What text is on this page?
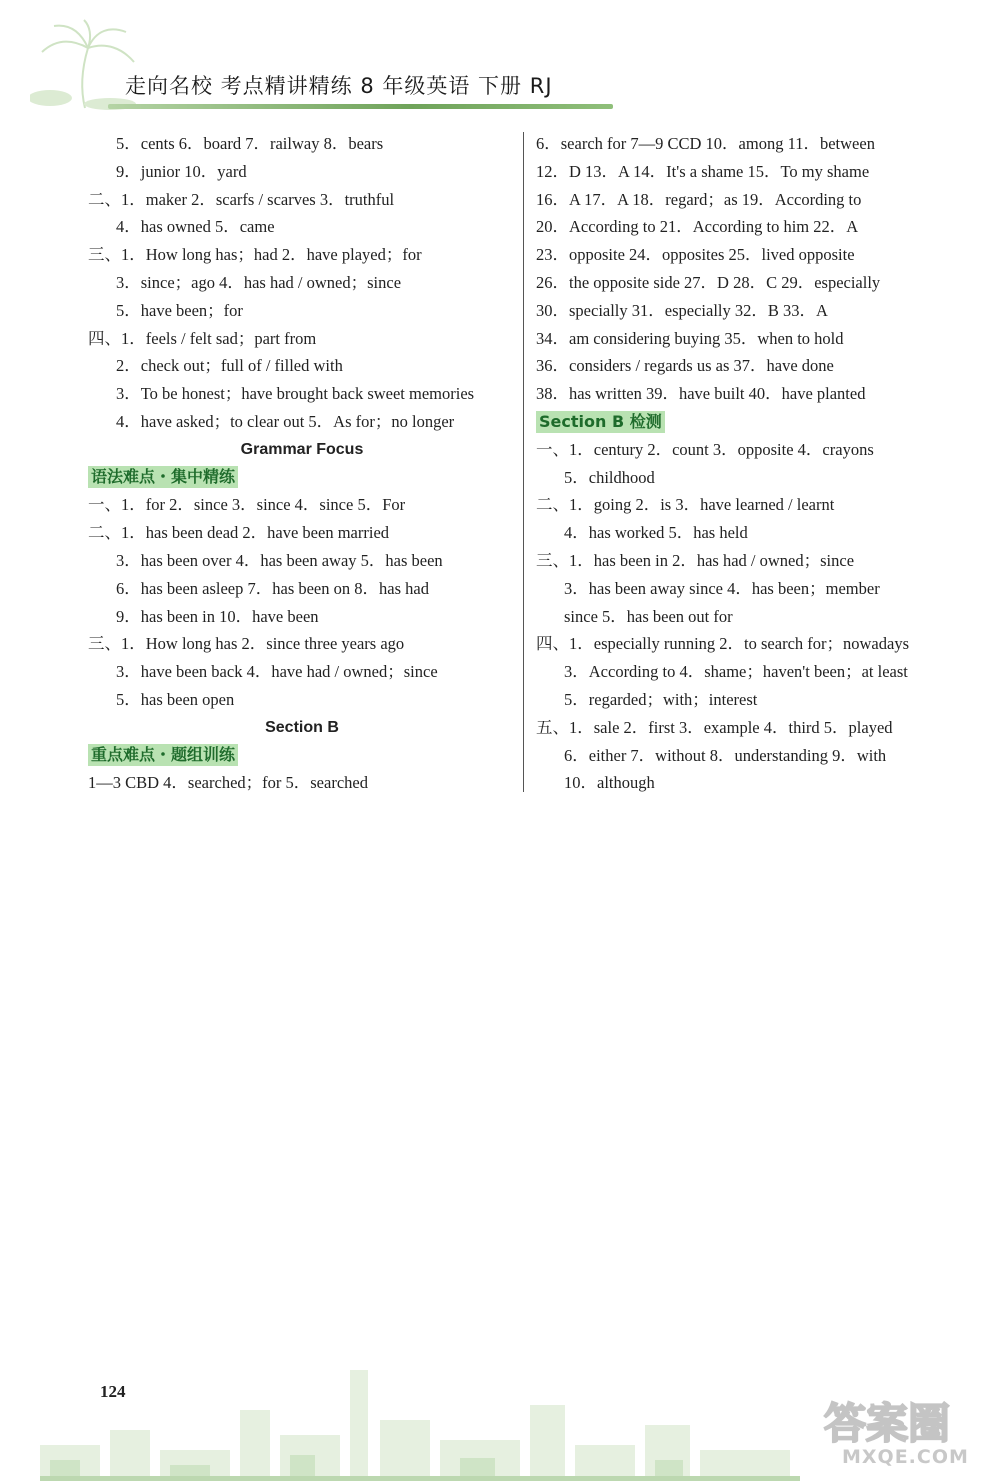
走向名校 考点精讲精练 8 年级英语 下册 RJ
5．cents 6．board 7．railway 8．bears
9．junior 10．yard
二、1．maker 2．scarfs / scarves 3．truthful
4．has owned 5．came
三、1．How long has；had 2．have played；for
3．since；ago 4．has had / owned；since
5．have been；for
四、1．feels / felt sad；part from
2．check out；full of / filled with
3．To be honest；have brought back sweet memories
4．have asked；to clear out 5．As for；no longer
Grammar Focus
语法难点・集中精练
一、1．for 2．since 3．since 4．since 5．For
二、1．has been dead 2．have been married
3．has been over 4．has been away 5．has been
6．has been asleep 7．has been on 8．has had
9．has been in 10．have been
三、1．How long has 2．since three years ago
3．have been back 4．have had / owned；since
5．has been open
Section B
重点难点・题组训练
1—3 CBD 4．searched；for 5．searched
6．search for 7—9 CCD 10．among 11．between
12．D 13．A 14．It's a shame 15．To my shame
16．A 17．A 18．regard；as 19．According to
20．According to 21．According to him 22．A
23．opposite 24．opposites 25．lived opposite
26．the opposite side 27．D 28．C 29．especially
30．specially 31．especially 32．B 33．A
34．am considering buying 35．when to hold
36．considers / regards us as 37．have done
38．has written 39．have built 40．have planted
Section B 检测
一、1．century 2．count 3．opposite 4．crayons
5．childhood
二、1．going 2．is 3．have learned / learnt
4．has worked 5．has held
三、1．has been in 2．has had / owned；since
3．has been away since 4．has been；member
since 5．has been out for
四、1．especially running 2．to search for；nowadays
3．According to 4．shame；haven't been；at least
5．regarded；with；interest
五、1．sale 2．first 3．example 4．third 5．played
6．either 7．without 8．understanding 9．with
10．although
124
答案圈
MXQE.COM
